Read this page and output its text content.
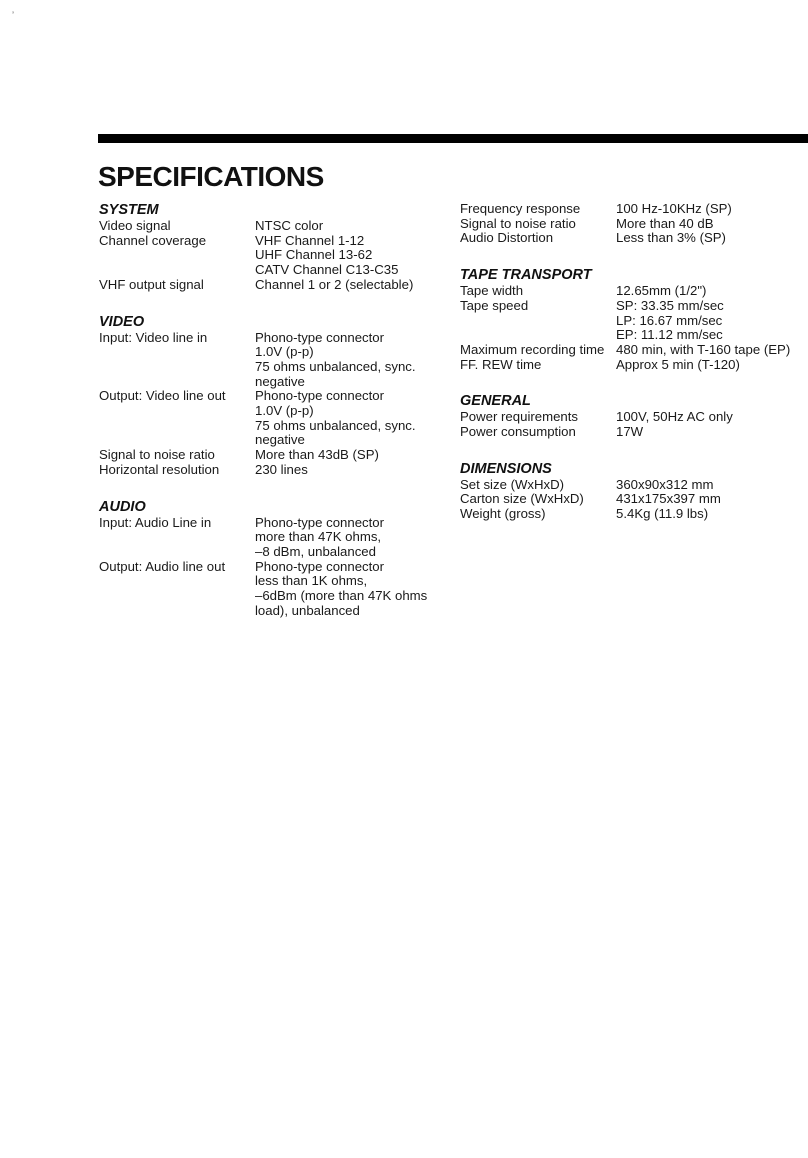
’
SPECIFICATIONS
SYSTEM
Video signal	NTSC color
Channel coverage	VHF Channel 1-12
UHF Channel 13-62
CATV Channel C13-C35
VHF output signal	Channel 1 or 2 (selectable)
VIDEO
Input: Video line in	Phono-type connector
1.0V (p-p)
75 ohms unbalanced, sync.
negative
Output: Video line out	Phono-type connector
1.0V (p-p)
75 ohms unbalanced, sync.
negative
Signal to noise ratio	More than 43dB (SP)
Horizontal resolution	230 lines
AUDIO
Input: Audio Line in	Phono-type connector
more than 47K ohms,
–8 dBm, unbalanced
Output: Audio line out	Phono-type connector
less than 1K ohms,
–6dBm (more than 47K ohms
load), unbalanced
Frequency response	100 Hz-10KHz (SP)
Signal to noise ratio	More than 40 dB
Audio Distortion	Less than 3% (SP)
TAPE TRANSPORT
Tape width	12.65mm (1/2")
Tape speed	SP: 33.35 mm/sec
LP: 16.67 mm/sec
EP: 11.12 mm/sec
Maximum recording time 480 min, with T-160 tape (EP)
FF. REW time	Approx 5 min (T-120)
GENERAL
Power requirements	100V, 50Hz AC only
Power consumption	17W
DIMENSIONS
Set size (WxHxD)	360x90x312 mm
Carton size (WxHxD)	431x175x397 mm
Weight (gross)	5.4Kg (11.9 lbs)
